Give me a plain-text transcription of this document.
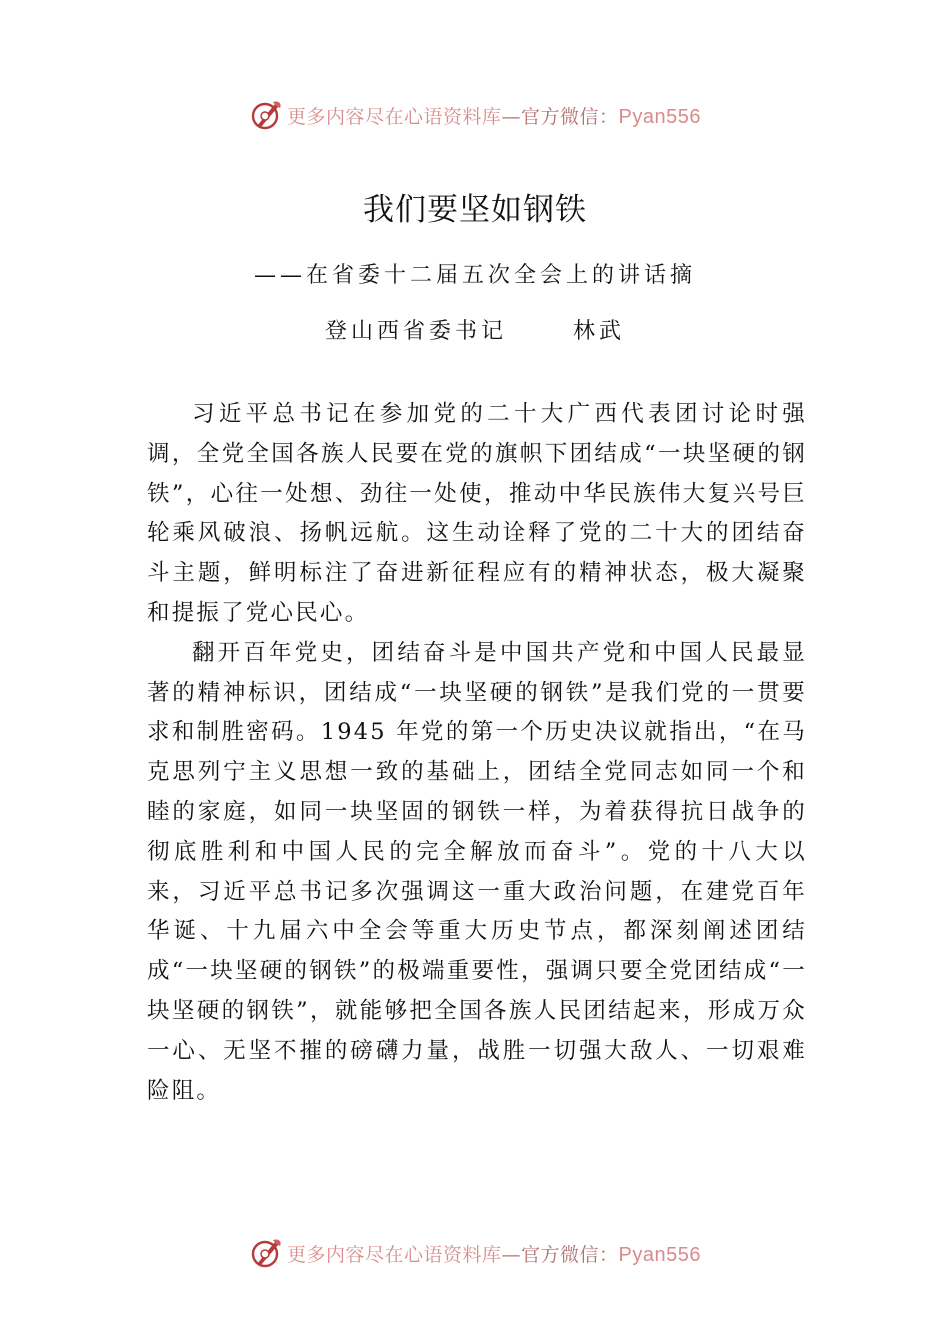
更多内容尽在心语资料库—官方微信：Pyan556
我们要坚如钢铁
——在省委十二届五次全会上的讲话摘
登山西省委书记      林武

习近平总书记在参加党的二十大广西代表团讨论时强调，全党全国各族人民要在党的旗帜下团结成“一块坚硬的钢铁”，心往一处想、劲往一处使，推动中华民族伟大复兴号巨轮乘风破浪、扬帆远航。这生动诠释了党的二十大的团结奋斗主题，鲜明标注了奋进新征程应有的精神状态，极大凝聚和提振了党心民心。

翻开百年党史，团结奋斗是中国共产党和中国人民最显著的精神标识，团结成“一块坚硬的钢铁”是我们党的一贯要求和制胜密码。1945 年党的第一个历史决议就指出，“在马克思列宁主义思想一致的基础上，团结全党同志如同一个和睦的家庭，如同一块坚固的钢铁一样，为着获得抗日战争的彻底胜利和中国人民的完全解放而奋斗”。党的十八大以 来，习近平总书记多次强调这一重大政治问题，在建党百年华诞、十九届六中全会等重大历史节点，都深刻阐述团结成“一块坚硬的钢铁”的极端重要性，强调只要全党团结成“一块坚硬的钢铁”，就能够把全国各族人民团结起来，形成万众一心、无坚不摧的磅礴力量，战胜一切强大敌人、一切艰难险阻。

更多内容尽在心语资料库—官方微信：Pyan556
